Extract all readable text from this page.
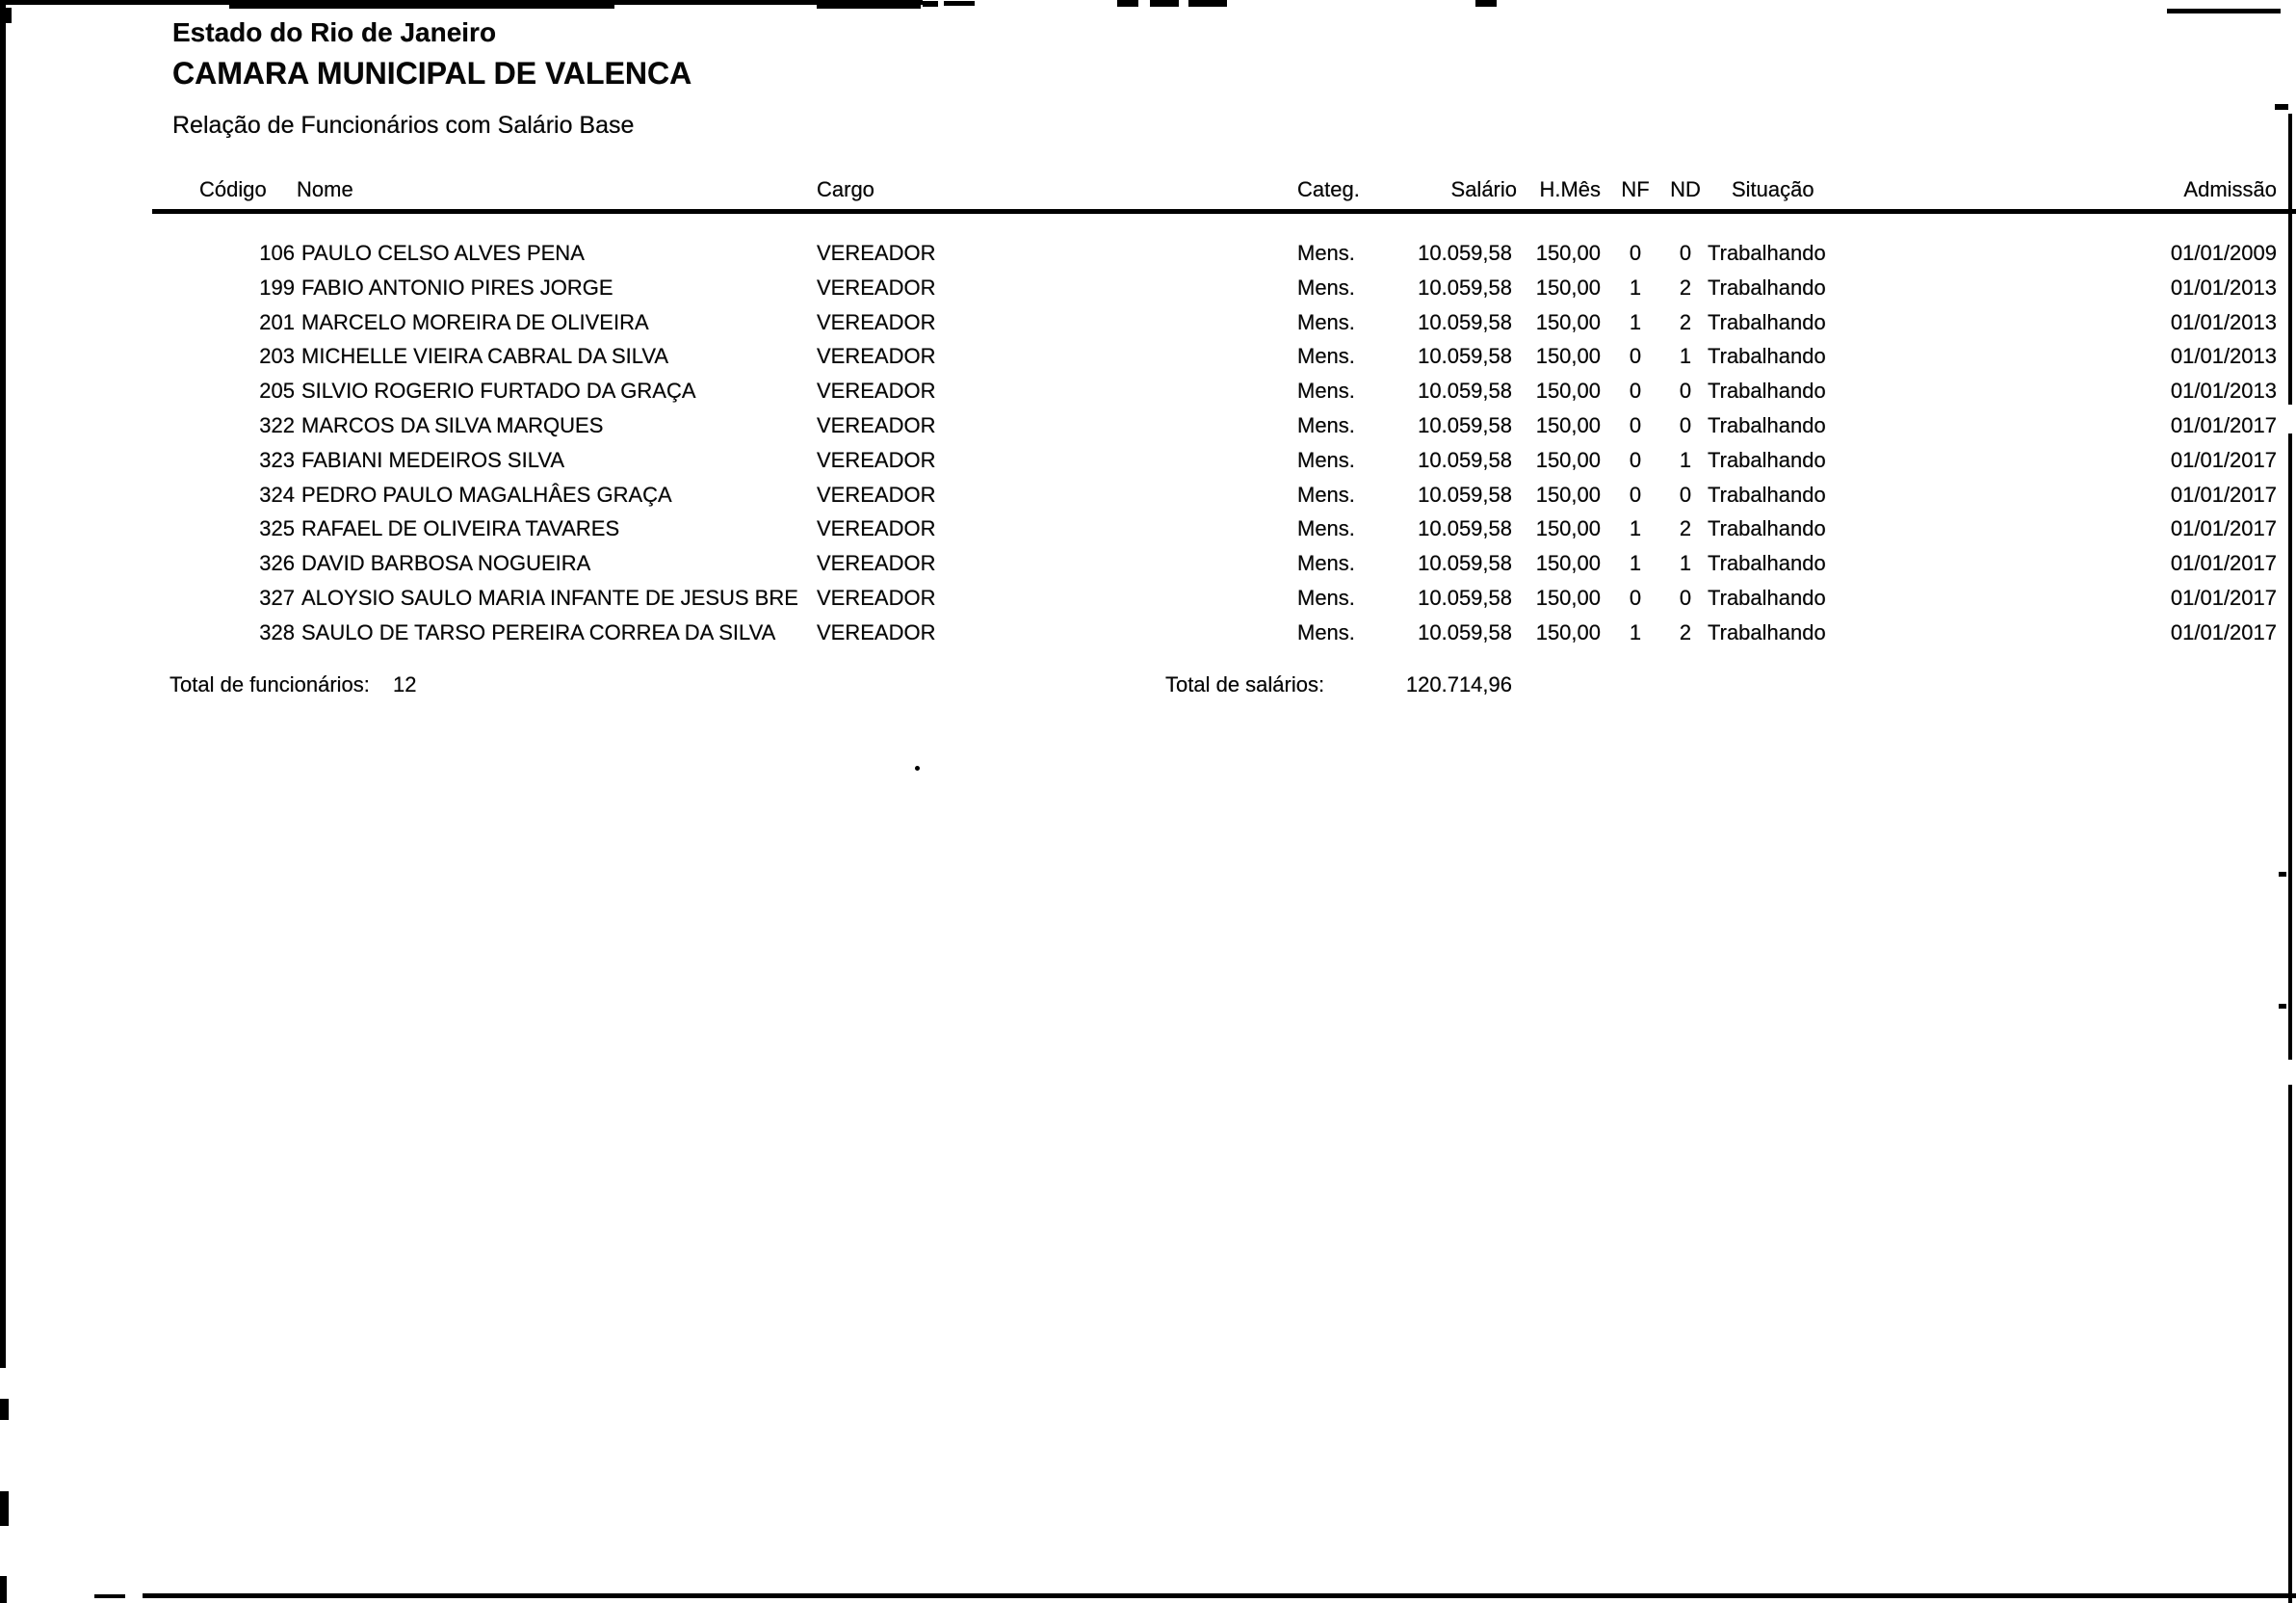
Estado do Rio de Janeiro
CAMARA MUNICIPAL DE VALENCA
Relação de Funcionários com Salário Base
Código Nome	Cargo	Categ.	Salário	H.Mês NF ND Situação	Admissão
106 PAULO CELSO ALVES PENA	VEREADOR	Mens.	10.059,58	150,00	0	0 Trabalhando	01/01/2009
199 FABIO ANTONIO PIRES JORGE	VEREADOR	Mens.	10.059,58	150,00	1	2 Trabalhando	01/01/2013
201 MARCELO MOREIRA DE OLIVEIRA	VEREADOR	Mens.	10.059,58	150,00	1	2 Trabalhando	01/01/2013
203 MICHELLE VIEIRA CABRAL DA SILVA	VEREADOR	Mens.	10.059,58	150,00	0	1 Trabalhando	01/01/2013
205 SILVIO ROGERIO FURTADO DA GRAÇA	VEREADOR	Mens.	10.059,58	150,00	0	0 Trabalhando	01/01/2013
322 MARCOS DA SILVA MARQUES	VEREADOR	Mens.	10.059,58	150,00	0	0 Trabalhando	01/01/2017
323 FABIANI MEDEIROS SILVA	VEREADOR	Mens.	10.059,58	150,00	0	1 Trabalhando	01/01/2017
324 PEDRO PAULO MAGALHÂES GRAÇA	VEREADOR	Mens.	10.059,58	150,00	0	0 Trabalhando	01/01/2017
325 RAFAEL DE OLIVEIRA TAVARES	VEREADOR	Mens.	10.059,58	150,00	1	2 Trabalhando	01/01/2017
326 DAVID BARBOSA NOGUEIRA	VEREADOR	Mens.	10.059,58	150,00	1	1 Trabalhando	01/01/2017
327 ALOYSIO SAULO MARIA INFANTE DE JESUS BRE VEREADOR	Mens.	10.059,58	150,00	0	0 Trabalhando	01/01/2017
328 SAULO DE TARSO PEREIRA CORREA DA SILVA	VEREADOR	Mens.	10.059,58	150,00	1	2 Trabalhando	01/01/2017
Total de funcionários: 12	Total de salários:	120.714,96
